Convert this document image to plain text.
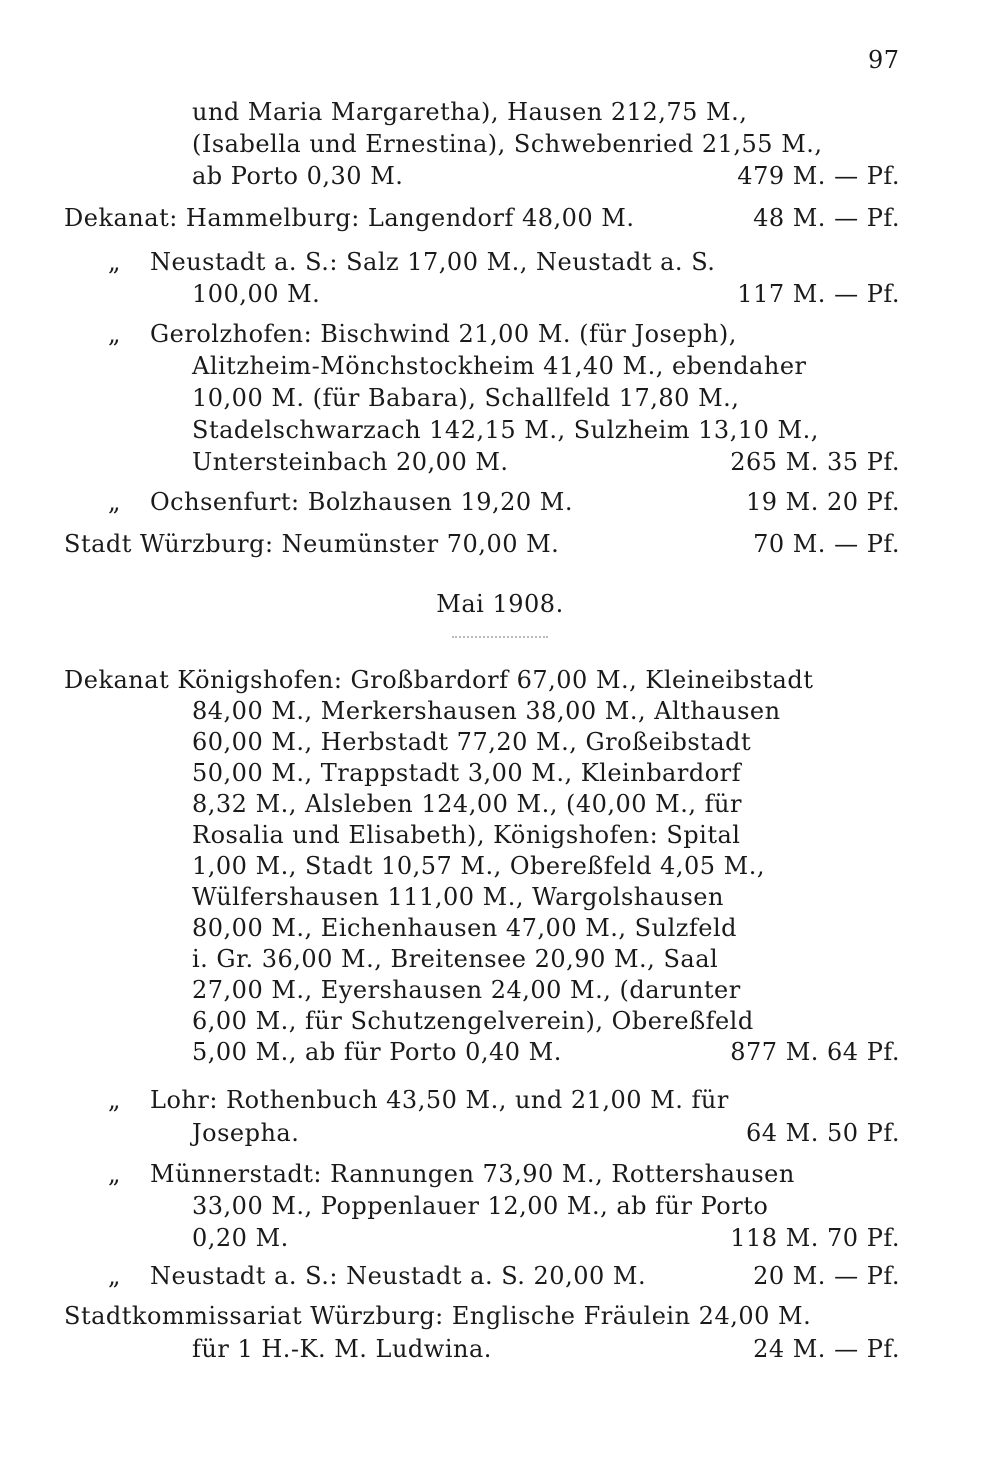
97
und Maria Margaretha), Hausen 212,75 M.,
(Isabella und Ernestina), Schwebenried 21,55 M.,
ab Porto 0,30 M.	479 M. — Pf.
Dekanat: Hammelburg: Langendorf 48,00 M.	48 M. — Pf.
„ Neustadt a. S.: Salz 17,00 M., Neustadt a. S.
100,00 M.	117 M. — Pf.
„ Gerolzhofen: Bischwind 21,00 M. (für Joseph),
Alitzheim-Mönchstockheim 41,40 M., ebendaher
10,00 M. (für Babara), Schallfeld 17,80 M.,
Stadelschwarzach 142,15 M., Sulzheim 13,10 M.,
Untersteinbach 20,00 M.	265 M. 35 Pf.
„ Ochsenfurt: Bolzhausen 19,20 M.	19 M. 20 Pf.
Stadt Würzburg: Neumünster 70,00 M.	70 M. — Pf.
Mai 1908.
Dekanat Königshofen: Großbardorf 67,00 M., Kleineibstadt
84,00 M., Merkershausen 38,00 M., Althausen
60,00 M., Herbstadt 77,20 M., Großeibstadt
50,00 M., Trappstadt 3,00 M., Kleinbardorf
8,32 M., Alsleben 124,00 M., (40,00 M., für
Rosalia und Elisabeth), Königshofen: Spital
1,00 M., Stadt 10,57 M., Obereßfeld 4,05 M.,
Wülfershausen 111,00 M., Wargolshausen
80,00 M., Eichenhausen 47,00 M., Sulzfeld
i. Gr. 36,00 M., Breitensee 20,90 M., Saal
27,00 M., Eyershausen 24,00 M., (darunter
6,00 M., für Schutzengelverein), Obereßfeld
5,00 M., ab für Porto 0,40 M.	877 M. 64 Pf.
„ Lohr: Rothenbuch 43,50 M., und 21,00 M. für
Josepha.	64 M. 50 Pf.
„ Münnerstadt: Rannungen 73,90 M., Rottershausen
33,00 M., Poppenlauer 12,00 M., ab für Porto
0,20 M.	118 M. 70 Pf.
„ Neustadt a. S.: Neustadt a. S. 20,00 M.	20 M. — Pf.
Stadtkommissariat Würzburg: Englische Fräulein 24,00 M.
für 1 H.-K. M. Ludwina.	24 M. — Pf.
